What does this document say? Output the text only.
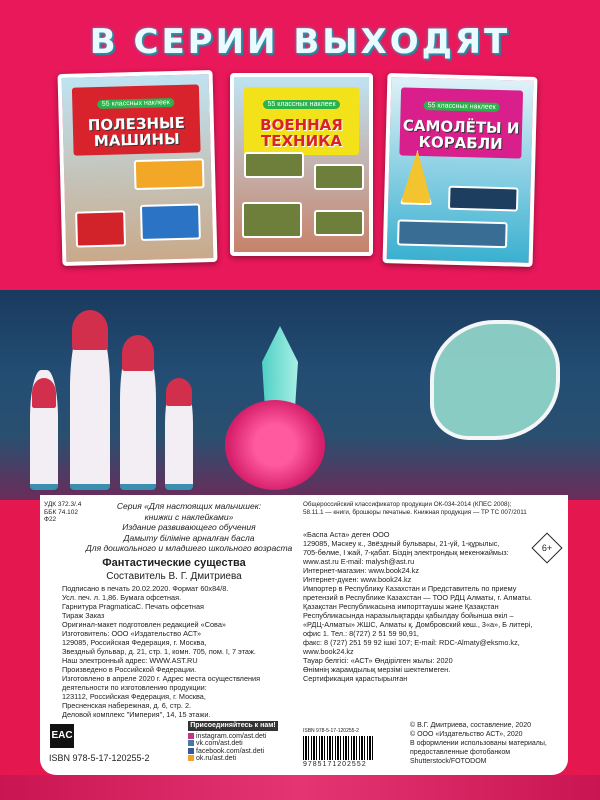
В СЕРИИ ВЫХОДЯТ
55 классных наклеек
ПОЛЕЗНЫЕ МАШИНЫ
55 классных наклеек
ВОЕННАЯ ТЕХНИКА
55 классных наклеек
САМОЛЁТЫ И КОРАБЛИ
УДК 372.3/.4
ББК 74.102
Ф22
Серия «Для настоящих мальчишек:
книжки с наклейками»
Издание развивающего обучения
Дамыту біліміне арналған басла
Для дошкольного и младшего школьного возраста
Фантастические существа
Составитель В. Г. Дмитриева
Подписано в печать 20.02.2020. Формат 60x84/8.
Усл. печ. л. 1,86. Бумага офсетная.
Гарнитура PragmaticaC. Печать офсетная
Тираж Заказ
Оригинал-макет подготовлен редакцией «Сова»
Изготовитель: ООО «Издательство АСТ»
129085, Российская Федерация, г. Москва,
Звездный бульвар, д. 21, стр. 1, комн. 705, пом. I, 7 этаж.
Наш электронный адрес: WWW.AST.RU
Произведено в Российской Федерации.
Изготовлено в апреле 2020 г. Адрес места осуществления
деятельности по изготовлению продукции:
123112, Российская Федерация, г. Москва,
Пресненская набережная, д. 6, стр. 2.
Деловой комплекс "Империя", 14, 15 этажи.
EAC
ISBN 978-5-17-120255-2
Присоединяйтесь к нам!
instagram.com/ast.deti
vk.com/ast.deti
facebook.com/ast.deti
ok.ru/ast.deti
Общероссийский классификатор продукции ОК-034-2014 (КПЕС 2008);
58.11.1 — книги, брошюры печатные. Книжная продукция — ТР ТС 007/2011
«Баспа Аста» деген ООО
129085, Мәскеу к., Звёздный бульвары, 21-үй, 1-құрылыс,
705-бөлме, I жай, 7-қабат. Біздің электрондық мекенжаймыз:
www.ast.ru E-mail: malysh@ast.ru
Интернет-магазин: www.book24.kz
Интернет-дүкен: www.book24.kz
Импортер в Республику Казахстан и Представитель по приему
претензий в Республике Казахстан — ТОО РДЦ Алматы, г. Алматы.
Қазақстан Республикасына импорттаушы және Қазақстан
Республикасында наразылықтарды қабылдау бойынша өкіл –
«РДЦ-Алматы» ЖШС, Алматы қ. Домбровский көш., 3«а», Б литері,
офис 1. Тел.: 8(727) 2 51 59 90,91,
факс: 8 (727) 251 59 92 ішкі 107; E-mail: RDC-Almaty@eksmo.kz,
www.book24.kz
Тауар белгісі: «АСТ» Өндірілген жылы: 2020
Өнімнің жарамдылық мерзімі шектелмеген.
Сертификация қарастырылған
6+
ISBN 978-5-17-120255-2
9785171202552
© В.Г. Дмитриева, составление, 2020
© ООО «Издательство АСТ», 2020
В оформлении использованы материалы,
предоставленные фотобанком
Shutterstock/FOTODOM
